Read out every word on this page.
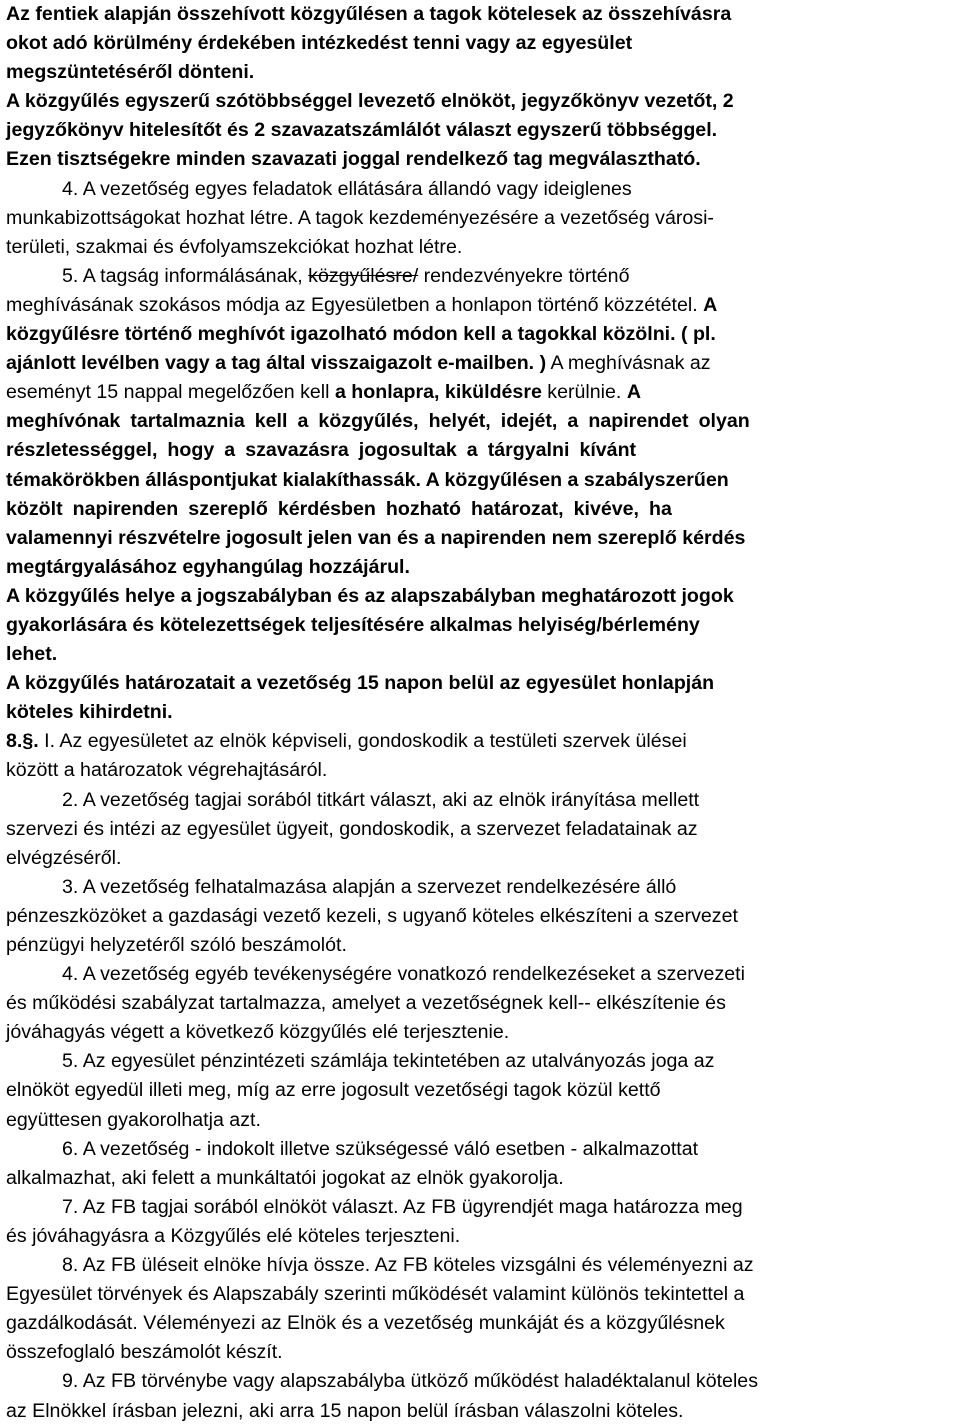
Az fentiek alapján összehívott közgyűlésen a tagok kötelesek az összehívásra
okot adó körülmény érdekében intézkedést tenni vagy az egyesület
megszüntetéséről dönteni.
A közgyűlés egyszerű szótöbbséggel levezető elnököt, jegyzőkönyv vezetőt, 2
jegyzőkönyv hitelesítőt és 2 szavazatszámlálót választ egyszerű többséggel.
Ezen tisztségekre minden szavazati joggal rendelkező tag megválasztható.
4. A vezetőség egyes feladatok ellátására állandó vagy ideiglenes
munkabizottságokat hozhat létre. A tagok kezdeményezésére a vezetőség városi-
területi, szakmai és évfolyamszekciókat hozhat létre.
5. A tagság informálásának, közgyűlésre/ rendezvényekre történő
meghívásának szokásos módja az Egyesületben a honlapon történő közzététel. A
közgyűlésre történő meghívót igazolható módon kell a tagokkal közölni. ( pl.
ajánlott levélben vagy a tag által visszaigazolt e-mailben. ) A meghívásnak az
eseményt 15 nappal megelőzően kell a honlapra, kiküldésre kerülnie. A
meghívónak tartalmaznia kell a közgyűlés, helyét, idejét, a napirendet olyan
részletességgel, hogy a szavazásra jogosultak a tárgyalni kívánt
témakörökben álláspontjukat kialakíthassák. A közgyűlésen a szabályszerűen
közölt napirenden szereplő kérdésben hozható határozat, kivéve, ha
valamennyi részvételre jogosult jelen van és a napirenden nem szereplő kérdés
megtárgyalásához egyhangúlag hozzájárul.
A közgyűlés helye a jogszabályban és az alapszabályban meghatározott jogok
gyakorlására és kötelezettségek teljesítésére alkalmas helyiség/bérlemény
lehet.
A közgyűlés határozatait a vezetőség 15 napon belül az egyesület honlapján
köteles kihirdetni.
8.§. I. Az egyesületet az elnök képviseli, gondoskodik a testületi szervek ülései
között a határozatok végrehajtásáról.
2. A vezetőség tagjai sorából titkárt választ, aki az elnök irányítása mellett
szervezi és intézi az egyesület ügyeit, gondoskodik, a szervezet feladatainak az
elvégzéséről.
3. A vezetőség felhatalmazása alapján a szervezet rendelkezésére álló
pénzeszközöket a gazdasági vezető kezeli, s ugyanő köteles elkészíteni a szervezet
pénzügyi helyzetéről szóló beszámolót.
4. A vezetőség egyéb tevékenységére vonatkozó rendelkezéseket a szervezeti
és működési szabályzat tartalmazza, amelyet a vezetőségnek kell-- elkészítenie és
jóváhagyás végett a következő közgyűlés elé terjesztenie.
5. Az egyesület pénzintézeti számlája tekintetében az utalványozás joga az
elnököt egyedül illeti meg, míg az erre jogosult vezetőségi tagok közül kettő
együttesen gyakorolhatja azt.
6. A vezetőség - indokolt illetve szükségessé váló esetben - alkalmazottat
alkalmazhat, aki felett a munkáltatói jogokat az elnök gyakorolja.
7. Az FB tagjai sorából elnököt választ. Az FB ügyrendjét maga határozza meg
és jóváhagyásra a Közgyűlés elé köteles terjeszteni.
8. Az FB üléseit elnöke hívja össze. Az FB köteles vizsgálni és véleményezni az
Egyesület törvények és Alapszabály szerinti működését valamint különös tekintettel a
gazdálkodását. Véleményezi az Elnök és a vezetőség munkáját és a közgyűlésnek
összefoglaló beszámolót készít.
9. Az FB törvénybe vagy alapszabályba ütköző működést haladéktalanul köteles
az Elnökkel írásban jelezni, aki arra 15 napon belül írásban válaszolni köteles.
